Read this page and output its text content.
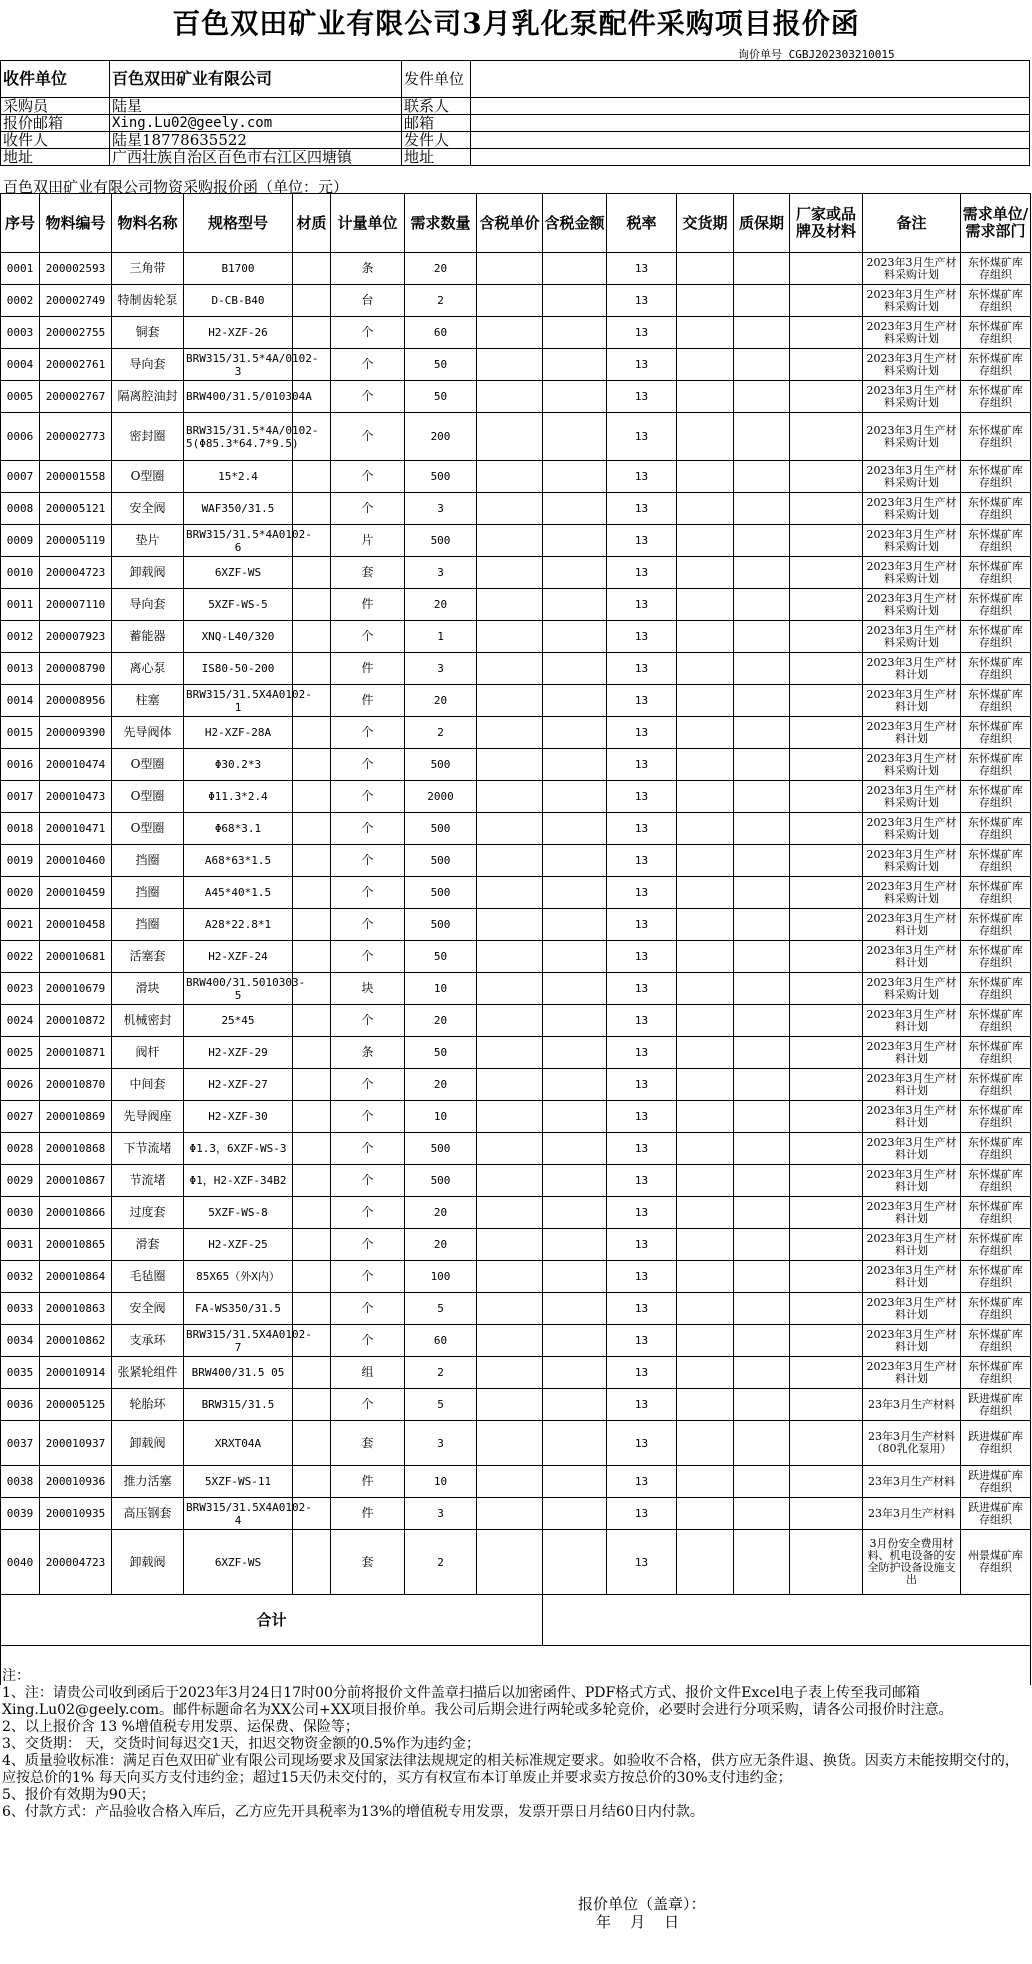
百色双田矿业有限公司3月乳化泵配件采购项目报价函
询价单号 CGBJ202303210015
收件单位	百色双田矿业有限公司	发件单位	
采购员	陆星	联系人	
报价邮箱	Xing.Lu02@geely.com	邮箱	
收件人	陆星18778635522	发件人	
地址	广西壮族自治区百色市右江区四塘镇	地址	
百色双田矿业有限公司物资采购报价函（单位：元）
序号	物料编号	物料名称	规格型号	材质	计量单位	需求数量	含税单价	含税金额	税率	交货期	质保期	厂家或品牌及材料	备注	需求单位/需求部门
0001	200002593	三角带	B1700		条	20			13				2023年3月生产材料采购计划	东怀煤矿库存组织
0002	200002749	特制齿轮泵	D-CB-B40		台	2			13				2023年3月生产材料采购计划	东怀煤矿库存组织
0003	200002755	铜套	H2-XZF-26		个	60			13				2023年3月生产材料采购计划	东怀煤矿库存组织
0004	200002761	导向套	BRW315/31.5*4A/0102-3		个	50			13				2023年3月生产材料采购计划	东怀煤矿库存组织
0005	200002767	隔离腔油封	BRW400/31.5/010304A		个	50			13				2023年3月生产材料采购计划	东怀煤矿库存组织
0006	200002773	密封圈	BRW315/31.5*4A/0102-5(Φ85.3*64.7*9.5)		个	200			13				2023年3月生产材料采购计划	东怀煤矿库存组织
0007	200001558	O型圈	15*2.4		个	500			13				2023年3月生产材料采购计划	东怀煤矿库存组织
0008	200005121	安全阀	WAF350/31.5		个	3			13				2023年3月生产材料采购计划	东怀煤矿库存组织
0009	200005119	垫片	BRW315/31.5*4A0102-6		片	500			13				2023年3月生产材料采购计划	东怀煤矿库存组织
0010	200004723	卸载阀	6XZF-WS		套	3			13				2023年3月生产材料采购计划	东怀煤矿库存组织
0011	200007110	导向套	5XZF-WS-5		件	20			13				2023年3月生产材料采购计划	东怀煤矿库存组织
0012	200007923	蓄能器	XNQ-L40/320		个	1			13				2023年3月生产材料采购计划	东怀煤矿库存组织
0013	200008790	离心泵	IS80-50-200		件	3			13				2023年3月生产材料计划	东怀煤矿库存组织
0014	200008956	柱塞	BRW315/31.5X4A0102-1		件	20			13				2023年3月生产材料计划	东怀煤矿库存组织
0015	200009390	先导阀体	H2-XZF-28A		个	2			13				2023年3月生产材料计划	东怀煤矿库存组织
0016	200010474	O型圈	Φ30.2*3		个	500			13				2023年3月生产材料采购计划	东怀煤矿库存组织
0017	200010473	O型圈	Φ11.3*2.4		个	2000			13				2023年3月生产材料采购计划	东怀煤矿库存组织
0018	200010471	O型圈	Φ68*3.1		个	500			13				2023年3月生产材料采购计划	东怀煤矿库存组织
0019	200010460	挡圈	A68*63*1.5		个	500			13				2023年3月生产材料采购计划	东怀煤矿库存组织
0020	200010459	挡圈	A45*40*1.5		个	500			13				2023年3月生产材料采购计划	东怀煤矿库存组织
0021	200010458	挡圈	A28*22.8*1		个	500			13				2023年3月生产材料计划	东怀煤矿库存组织
0022	200010681	活塞套	H2-XZF-24		个	50			13				2023年3月生产材料计划	东怀煤矿库存组织
0023	200010679	滑块	BRW400/31.5010303-5		块	10			13				2023年3月生产材料采购计划	东怀煤矿库存组织
0024	200010872	机械密封	25*45		个	20			13				2023年3月生产材料计划	东怀煤矿库存组织
0025	200010871	阀杆	H2-XZF-29		条	50			13				2023年3月生产材料计划	东怀煤矿库存组织
0026	200010870	中间套	H2-XZF-27		个	20			13				2023年3月生产材料计划	东怀煤矿库存组织
0027	200010869	先导阀座	H2-XZF-30		个	10			13				2023年3月生产材料计划	东怀煤矿库存组织
0028	200010868	下节流堵	Φ1.3，6XZF-WS-3		个	500			13				2023年3月生产材料计划	东怀煤矿库存组织
0029	200010867	节流堵	Φ1，H2-XZF-34B2		个	500			13				2023年3月生产材料计划	东怀煤矿库存组织
0030	200010866	过度套	5XZF-WS-8		个	20			13				2023年3月生产材料计划	东怀煤矿库存组织
0031	200010865	滑套	H2-XZF-25		个	20			13				2023年3月生产材料计划	东怀煤矿库存组织
0032	200010864	毛毡圈	85X65（外X内）		个	100			13				2023年3月生产材料计划	东怀煤矿库存组织
0033	200010863	安全阀	FA-WS350/31.5		个	5			13				2023年3月生产材料计划	东怀煤矿库存组织
0034	200010862	支承环	BRW315/31.5X4A0102-7		个	60			13				2023年3月生产材料计划	东怀煤矿库存组织
0035	200010914	张紧轮组件	BRW400/31.5 05		组	2			13				2023年3月生产材料计划	东怀煤矿库存组织
0036	200005125	轮胎环	BRW315/31.5		个	5			13				23年3月生产材料	跃进煤矿库存组织
0037	200010937	卸载阀	XRXT04A		套	3			13				23年3月生产材料（80乳化泵用）	跃进煤矿库存组织
0038	200010936	推力活塞	5XZF-WS-11		件	10			13				23年3月生产材料	跃进煤矿库存组织
0039	200010935	高压钢套	BRW315/31.5X4A0102-4		件	3			13				23年3月生产材料	跃进煤矿库存组织
0040	200004723	卸载阀	6XZF-WS		套	2			13				3月份安全费用材料、机电设备的安全防护设备设施支出	州景煤矿库存组织
合计														

注：
1、注：请贵公司收到函后于2023年3月24日17时00分前将报价文件盖章扫描后以加密函件、PDF格式方式、报价文件Excel电子表上传至我司邮箱Xing.Lu02@geely.com。邮件标题命名为XX公司+XX项目报价单。我公司后期会进行两轮或多轮竞价，必要时会进行分项采购，请各公司报价时注意。
2、以上报价含 13 %增值税专用发票、运保费、保险等；
3、交货期： 天，交货时间每迟交1天，扣迟交物资金额的0.5%作为违约金；
4、质量验收标准：满足百色双田矿业有限公司现场要求及国家法律法规规定的相关标准规定要求。如验收不合格，供方应无条件退、换货。因卖方未能按期交付的，应按总价的1% 每天向买方支付违约金；超过15天仍未交付的，买方有权宣布本订单废止并要求卖方按总价的30%支付违约金；
5、报价有效期为90天；
6、付款方式：产品验收合格入库后，乙方应先开具税率为13%的增值税专用发票，发票开票日月结60日内付款。
报价单位（盖章）：
年    月    日
